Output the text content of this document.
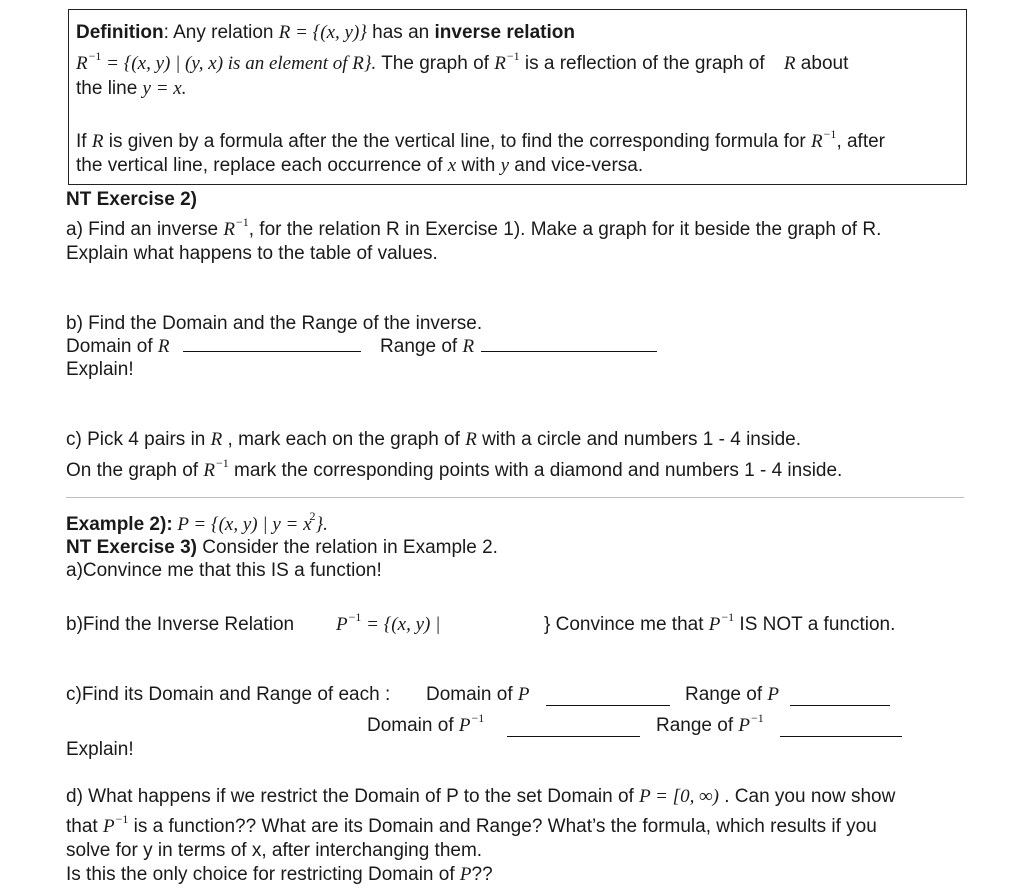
Definition: Any relation R = {(x, y)} has an inverse relation
$R^{-1} = \{(x$, y) | (y, x) is an element of R}. The graph of $R^{-1}$ is a reflection of the graph of R about
the line y = x.
If R is given by a formula after the the vertical line, to find the corresponding formula for $R^{-1}$, after
the vertical line, replace each occurrence of x with y and vice-versa.
NT Exercise 2)
a) Find an inverse $R^{-1}$, for the relation R in Exercise 1). Make a graph for it beside the graph of R.
Explain what happens to the table of values.
b) Find the Domain and the Range of the inverse.
Domain of R	Range of R
Explain!
c) Pick 4 pairs in R , mark each on the graph of R with a circle and numbers 1 - 4 inside.
On the graph of $R^{-1}$ mark the corresponding points with a diamond and numbers 1 - 4 inside.
Example 2): P = {(x, y) | $y = x^2$}.
NT Exercise 3) Consider the relation in Example 2.
a)Convince me that this IS a function!
b)Find the Inverse Relation $P^{-1} = \{(x$, y) |	} Convince me that $P^{-1}$ IS NOT a function.
c)Find its Domain and Range of each : Domain of P	Range of P
Domain of $P^{-1}$	Range of $P^{-1}$
Explain!
d) What happens if we restrict the Domain of P to the set Domain of P = [0, ∞) . Can you now show
that $P^{-1}$ is a function?? What are its Domain and Range? What’s the formula, which results if you
solve for y in terms of x, after interchanging them.
Is this the only choice for restricting Domain of P??
